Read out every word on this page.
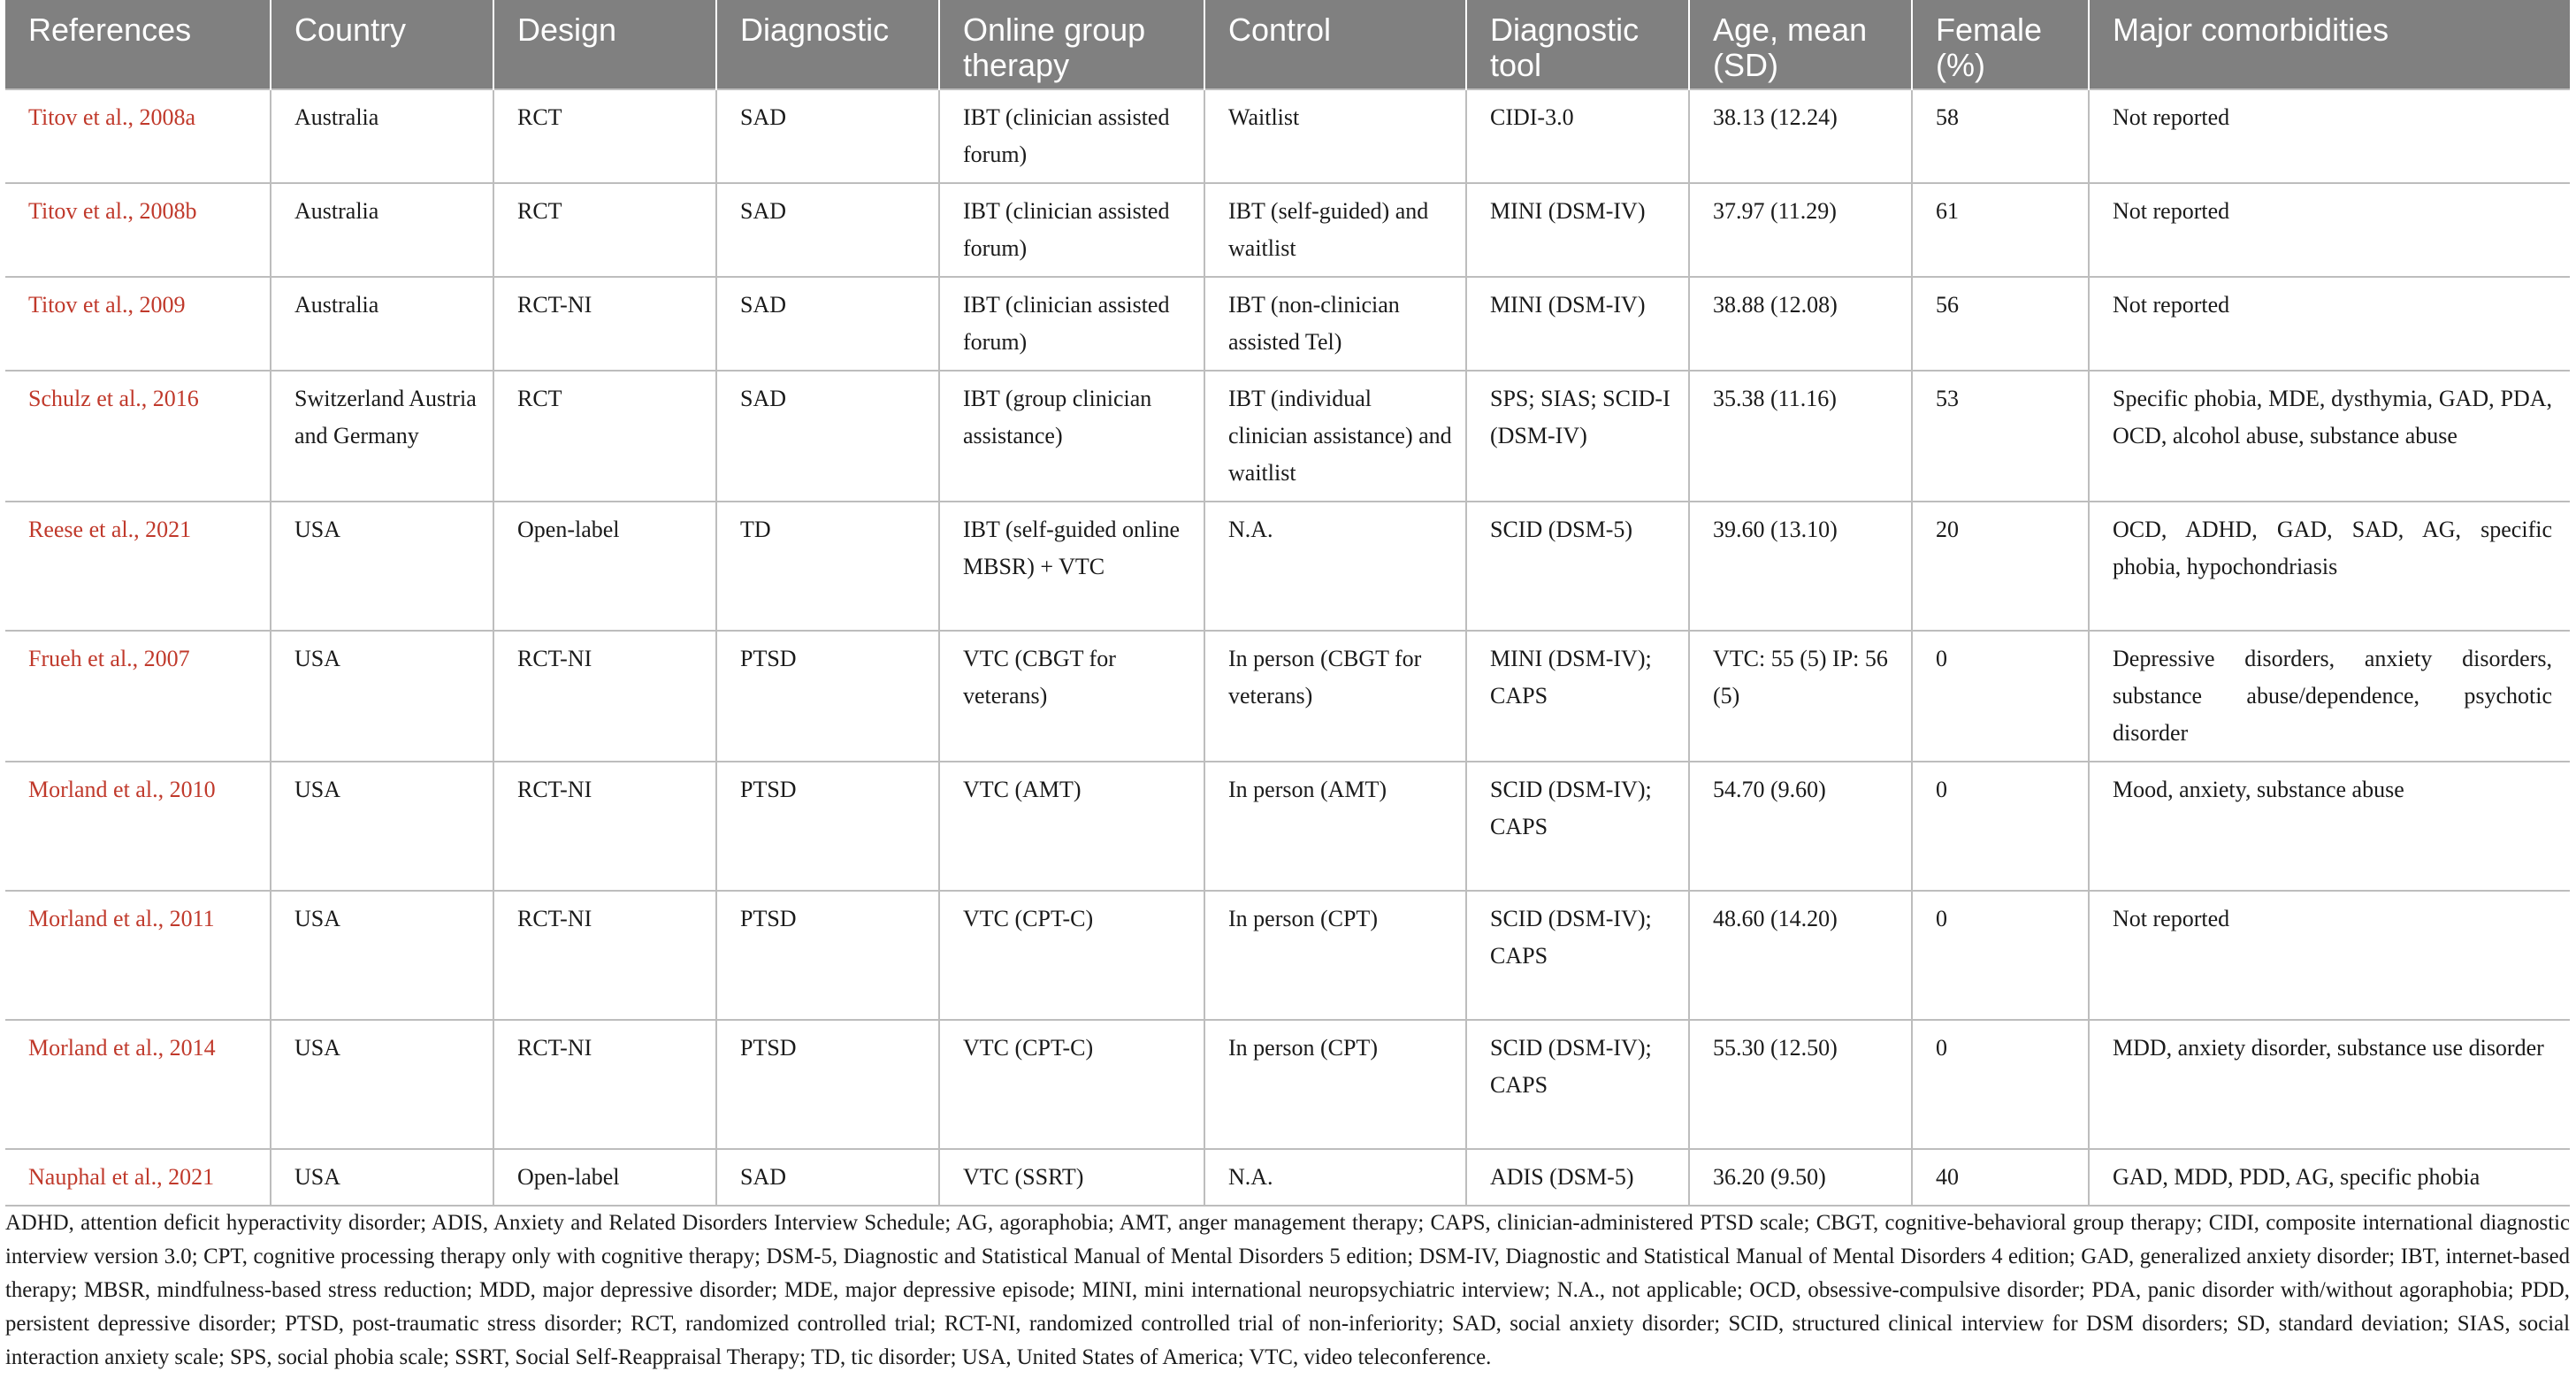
References	Country	Design	Diagnostic	Online group therapy	Control	Diagnostic tool	Age, mean (SD)	Female (%)	Major comorbidities
Titov et al., 2008a	Australia	RCT	SAD	IBT (clinician assisted forum)	Waitlist	CIDI-3.0	38.13 (12.24)	58	Not reported
Titov et al., 2008b	Australia	RCT	SAD	IBT (clinician assisted forum)	IBT (self-guided) and waitlist	MINI (DSM-IV)	37.97 (11.29)	61	Not reported
Titov et al., 2009	Australia	RCT-NI	SAD	IBT (clinician assisted forum)	IBT (non-clinician assisted Tel)	MINI (DSM-IV)	38.88 (12.08)	56	Not reported
Schulz et al., 2016	Switzerland Austria and Germany	RCT	SAD	IBT (group clinician assistance)	IBT (individual clinician assistance) and waitlist	SPS; SIAS; SCID-I (DSM-IV)	35.38 (11.16)	53	Specific phobia, MDE, dysthymia, GAD, PDA, OCD, alcohol abuse, substance abuse
Reese et al., 2021	USA	Open-label	TD	IBT (self-guided online MBSR) + VTC	N.A.	SCID (DSM-5)	39.60 (13.10)	20	OCD, ADHD, GAD, SAD, AG, specific phobia, hypochondriasis
Frueh et al., 2007	USA	RCT-NI	PTSD	VTC (CBGT for veterans)	In person (CBGT for veterans)	MINI (DSM-IV); CAPS	VTC: 55 (5) IP: 56 (5)	0	Depressive disorders, anxiety disorders, substance abuse/dependence, psychotic disorder
Morland et al., 2010	USA	RCT-NI	PTSD	VTC (AMT)	In person (AMT)	SCID (DSM-IV); CAPS	54.70 (9.60)	0	Mood, anxiety, substance abuse
Morland et al., 2011	USA	RCT-NI	PTSD	VTC (CPT-C)	In person (CPT)	SCID (DSM-IV); CAPS	48.60 (14.20)	0	Not reported
Morland et al., 2014	USA	RCT-NI	PTSD	VTC (CPT-C)	In person (CPT)	SCID (DSM-IV); CAPS	55.30 (12.50)	0	MDD, anxiety disorder, substance use disorder
Nauphal et al., 2021	USA	Open-label	SAD	VTC (SSRT)	N.A.	ADIS (DSM-5)	36.20 (9.50)	40	GAD, MDD, PDD, AG, specific phobia
ADHD, attention deficit hyperactivity disorder; ADIS, Anxiety and Related Disorders Interview Schedule; AG, agoraphobia; AMT, anger management therapy; CAPS, clinician-administered PTSD scale; CBGT, cognitive-behavioral group therapy; CIDI, composite international diagnostic interview version 3.0; CPT, cognitive processing therapy only with cognitive therapy; DSM-5, Diagnostic and Statistical Manual of Mental Disorders 5 edition; DSM-IV, Diagnostic and Statistical Manual of Mental Disorders 4 edition; GAD, generalized anxiety disorder; IBT, internet-based therapy; MBSR, mindfulness-based stress reduction; MDD, major depressive disorder; MDE, major depressive episode; MINI, mini international neuropsychiatric interview; N.A., not applicable; OCD, obsessive-compulsive disorder; PDA, panic disorder with/without agoraphobia; PDD, persistent depressive disorder; PTSD, post-traumatic stress disorder; RCT, randomized controlled trial; RCT-NI, randomized controlled trial of non-inferiority; SAD, social anxiety disorder; SCID, structured clinical interview for DSM disorders; SD, standard deviation; SIAS, social interaction anxiety scale; SPS, social phobia scale; SSRT, Social Self-Reappraisal Therapy; TD, tic disorder; USA, United States of America; VTC, video teleconference.
